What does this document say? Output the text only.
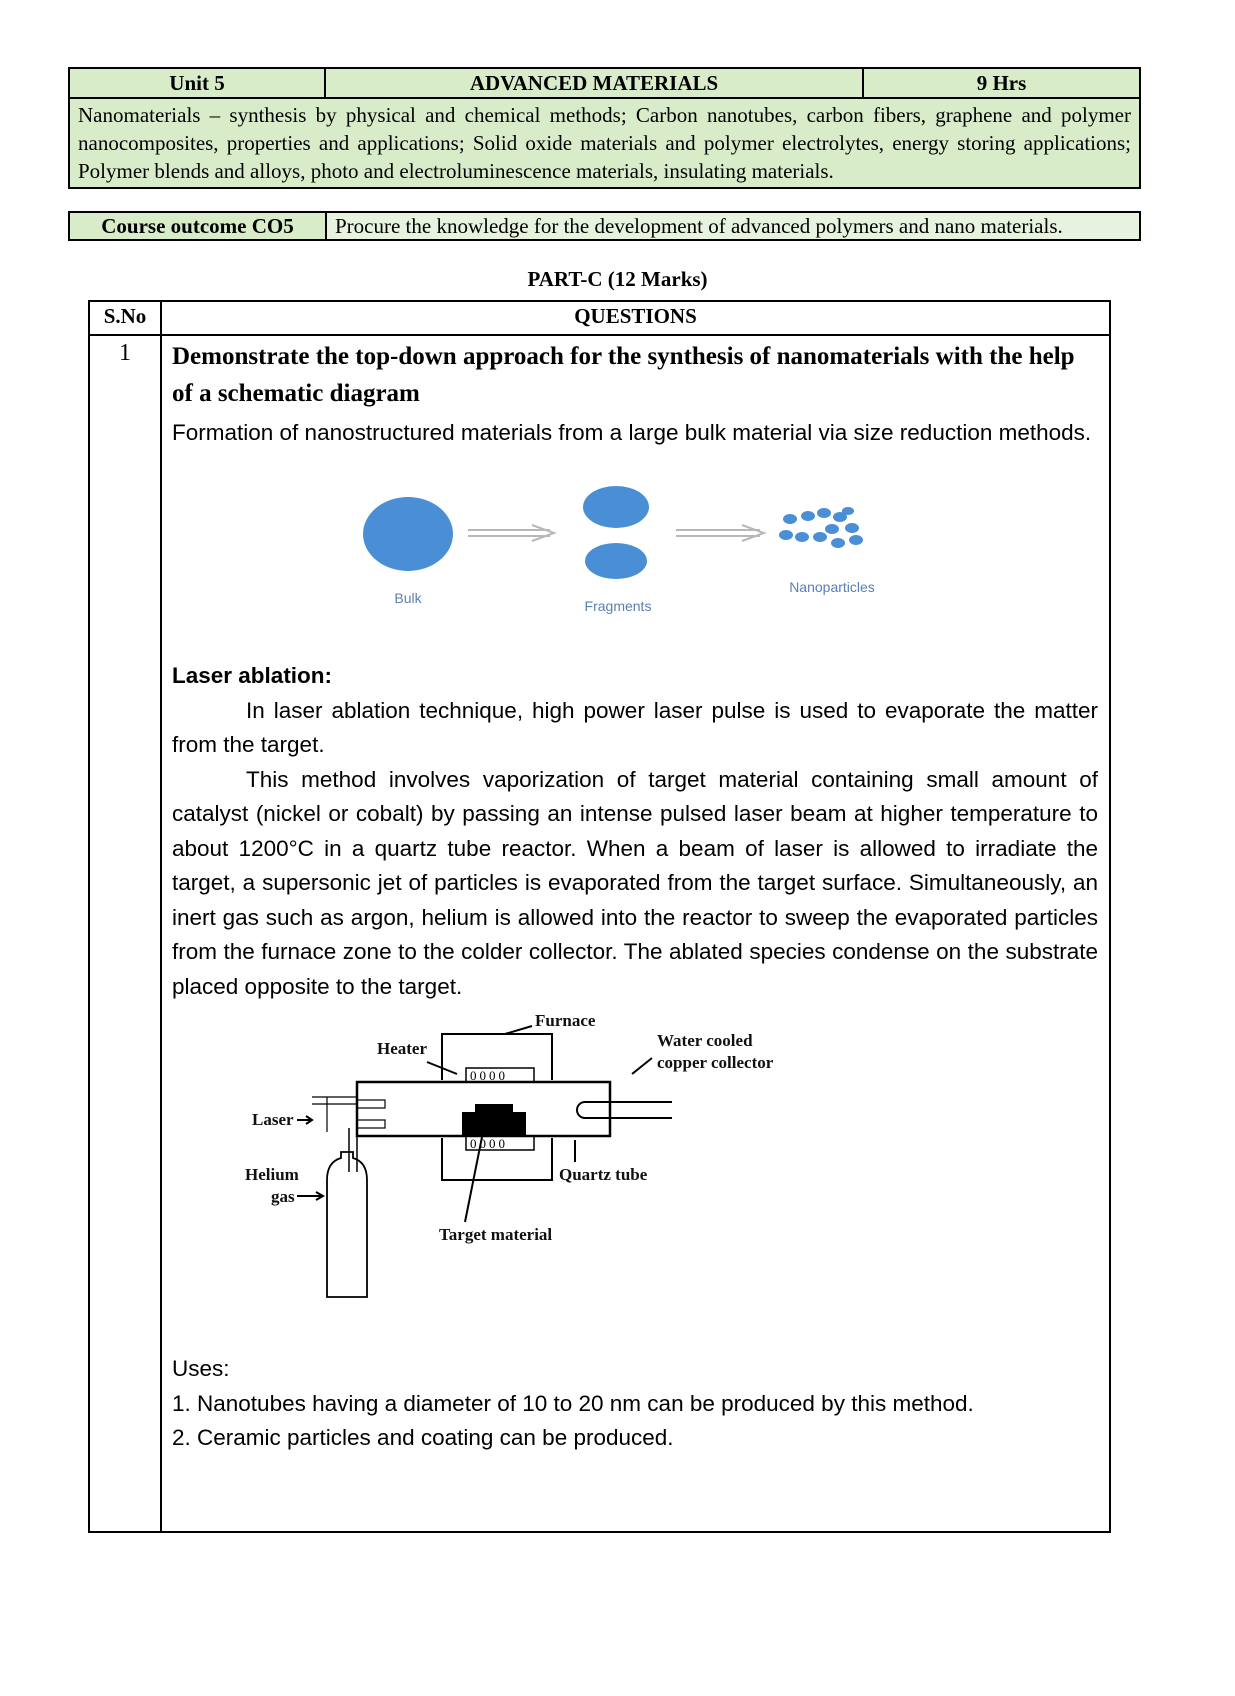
Unit 5	ADVANCED MATERIALS	9 Hrs
Nanomaterials – synthesis by physical and chemical methods; Carbon nanotubes, carbon fibers, graphene and polymer nanocomposites, properties and applications; Solid oxide materials and polymer electrolytes, energy storing applications; Polymer blends and alloys, photo and electroluminescence materials, insulating materials.
Course outcome CO5	Procure the knowledge for the development of advanced polymers and nano materials.
PART-C (12 Marks)
S.No	QUESTIONS
1	Demonstrate the top-down approach for the synthesis of nanomaterials with the help of a schematic diagram

Formation of nanostructured materials from a large bulk material via size reduction methods.

Bulk	Fragments
Nanoparticles

Laser ablation:

In laser ablation technique, high power laser pulse is used to evaporate the matter from the target.

This method involves vaporization of target material containing small amount of catalyst (nickel or cobalt) by passing an intense pulsed laser beam at higher temperature to about 1200°C in a quartz tube reactor. When a beam of laser is allowed to irradiate the target, a supersonic jet of particles is evaporated from the target surface. Simultaneously, an inert gas such as argon, helium is allowed into the reactor to sweep the evaporated particles from the furnace zone to the colder collector. The ablated species condense on the substrate placed opposite to the target.

0000
0000
Furnace
Heater	Water cooled
copper collector
Laser
Helium
gas
Quartz tube
Target material

Uses:

1. Nanotubes having a diameter of 10 to 20 nm can be produced by this method.

2. Ceramic particles and coating can be produced.
